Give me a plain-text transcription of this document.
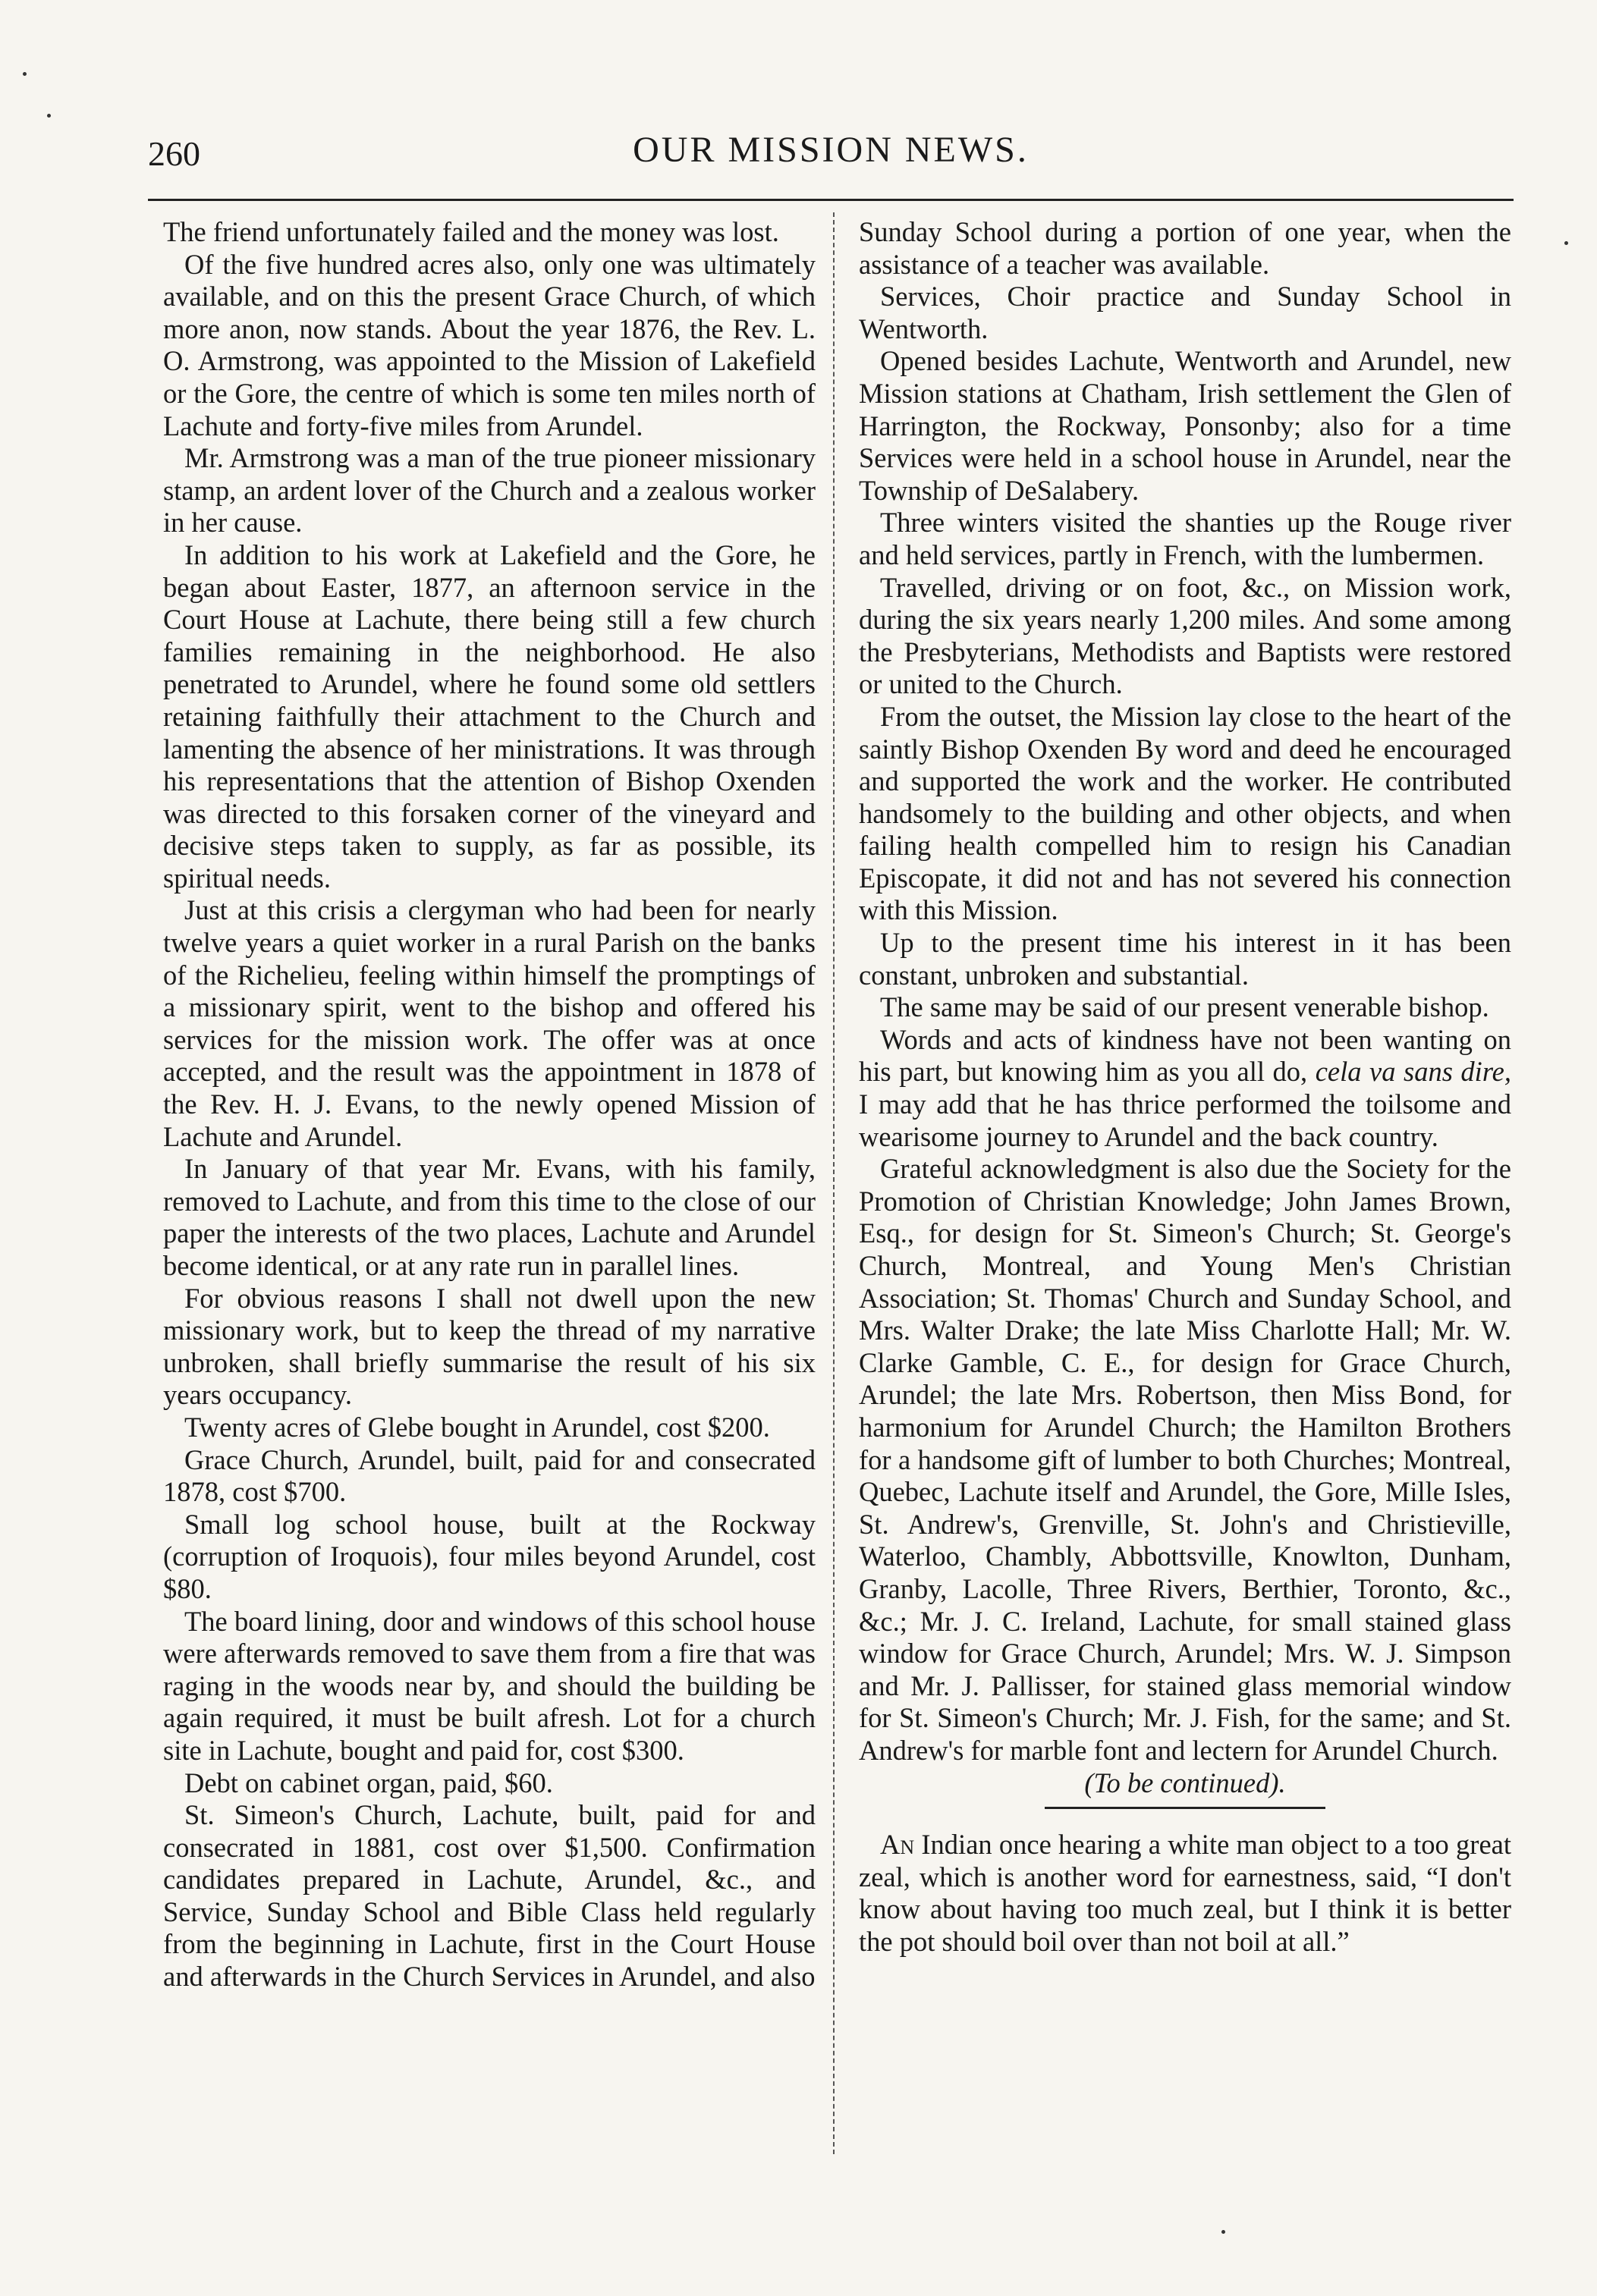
260	OUR MISSION NEWS.

The friend unfortunately failed and the money was lost.

Of the five hundred acres also, only one was ultimately available, and on this the present Grace Church, of which more anon, now stands. About the year 1876, the Rev. L. O. Armstrong, was appointed to the Mission of Lakefield or the Gore, the centre of which is some ten miles north of Lachute and forty-five miles from Arundel.

Mr. Armstrong was a man of the true pioneer missionary stamp, an ardent lover of the Church and a zealous worker in her cause.

In addition to his work at Lakefield and the Gore, he began about Easter, 1877, an afternoon service in the Court House at Lachute, there being still a few church families remaining in the neighborhood. He also penetrated to Arundel, where he found some old settlers retaining faithfully their attachment to the Church and lamenting the absence of her ministrations. It was through his representations that the attention of Bishop Oxenden was directed to this forsaken corner of the vineyard and decisive steps taken to supply, as far as possible, its spiritual needs.

Just at this crisis a clergyman who had been for nearly twelve years a quiet worker in a rural Parish on the banks of the Richelieu, feeling within himself the promptings of a missionary spirit, went to the bishop and offered his services for the mission work. The offer was at once accepted, and the result was the appointment in 1878 of the Rev. H. J. Evans, to the newly opened Mission of Lachute and Arundel.

In January of that year Mr. Evans, with his family, removed to Lachute, and from this time to the close of our paper the interests of the two places, Lachute and Arundel become identical, or at any rate run in parallel lines.

For obvious reasons I shall not dwell upon the new missionary work, but to keep the thread of my narrative unbroken, shall briefly summarise the result of his six years occupancy.

Twenty acres of Glebe bought in Arundel, cost $200.

Grace Church, Arundel, built, paid for and consecrated 1878, cost $700.

Small log school house, built at the Rockway (corruption of Iroquois), four miles beyond Arundel, cost $80.

The board lining, door and windows of this school house were afterwards removed to save them from a fire that was raging in the woods near by, and should the building be again required, it must be built afresh. Lot for a church site in Lachute, bought and paid for, cost $300.

Debt on cabinet organ, paid, $60.

St. Simeon's Church, Lachute, built, paid for and consecrated in 1881, cost over $1,500. Confirmation candidates prepared in Lachute, Arundel, &c., and Service, Sunday School and Bible Class held regularly from the beginning in Lachute, first in the Court House and afterwards in the Church Services in Arundel, and also

Sunday School during a portion of one year, when the assistance of a teacher was available.

Services, Choir practice and Sunday School in Wentworth.

Opened besides Lachute, Wentworth and Arundel, new Mission stations at Chatham, Irish settlement the Glen of Harrington, the Rockway, Ponsonby; also for a time Services were held in a school house in Arundel, near the Township of DeSalabery.

Three winters visited the shanties up the Rouge river and held services, partly in French, with the lumbermen.

Travelled, driving or on foot, &c., on Mission work, during the six years nearly 1,200 miles. And some among the Presbyterians, Methodists and Baptists were restored or united to the Church.

From the outset, the Mission lay close to the heart of the saintly Bishop Oxenden By word and deed he encouraged and supported the work and the worker. He contributed handsomely to the building and other objects, and when failing health compelled him to resign his Canadian Episcopate, it did not and has not severed his connection with this Mission.

Up to the present time his interest in it has been constant, unbroken and substantial.

The same may be said of our present venerable bishop.

Words and acts of kindness have not been wanting on his part, but knowing him as you all do, cela va sans dire, I may add that he has thrice performed the toilsome and wearisome journey to Arundel and the back country.

Grateful acknowledgment is also due the Society for the Promotion of Christian Knowledge; John James Brown, Esq., for design for St. Simeon's Church; St. George's Church, Montreal, and Young Men's Christian Association; St. Thomas' Church and Sunday School, and Mrs. Walter Drake; the late Miss Charlotte Hall; Mr. W. Clarke Gamble, C. E., for design for Grace Church, Arundel; the late Mrs. Robertson, then Miss Bond, for harmonium for Arundel Church; the Hamilton Brothers for a handsome gift of lumber to both Churches; Montreal, Quebec, Lachute itself and Arundel, the Gore, Mille Isles, St. Andrew's, Grenville, St. John's and Christieville, Waterloo, Chambly, Abbottsville, Knowlton, Dunham, Granby, Lacolle, Three Rivers, Berthier, Toronto, &c., &c.; Mr. J. C. Ireland, Lachute, for small stained glass window for Grace Church, Arundel; Mrs. W. J. Simpson and Mr. J. Pallisser, for stained glass memorial window for St. Simeon's Church; Mr. J. Fish, for the same; and St. Andrew's for marble font and lectern for Arundel Church.

(To be continued).

An Indian once hearing a white man object to a too great zeal, which is another word for earnestness, said, “I don't know about having too much zeal, but I think it is better the pot should boil over than not boil at all.”
